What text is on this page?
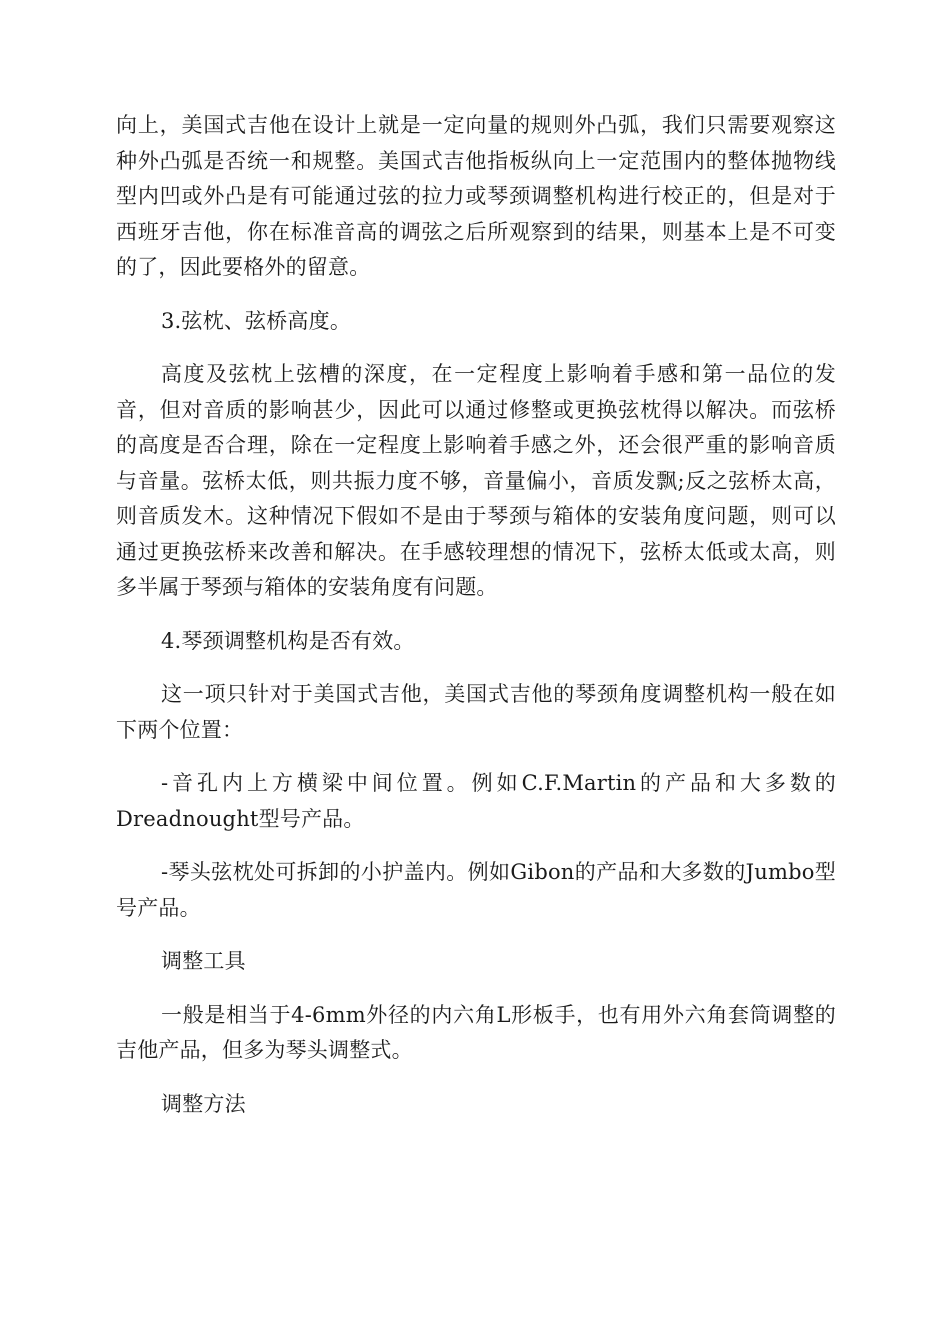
向上，美国式吉他在设计上就是一定向量的规则外凸弧，我们只需要观察这种外凸弧是否统一和规整。美国式吉他指板纵向上一定范围内的整体抛物线型内凹或外凸是有可能通过弦的拉力或琴颈调整机构进行校正的，但是对于西班牙吉他，你在标准音高的调弦之后所观察到的结果，则基本上是不可变的了，因此要格外的留意。

3.弦枕、弦桥高度。

高度及弦枕上弦槽的深度，在一定程度上影响着手感和第一品位的发音，但对音质的影响甚少，因此可以通过修整或更换弦枕得以解决。而弦桥的高度是否合理，除在一定程度上影响着手感之外，还会很严重的影响音质与音量。弦桥太低，则共振力度不够，音量偏小，音质发飘;反之弦桥太高，则音质发木。这种情况下假如不是由于琴颈与箱体的安装角度问题，则可以通过更换弦桥来改善和解决。在手感较理想的情况下，弦桥太低或太高，则多半属于琴颈与箱体的安装角度有问题。

4.琴颈调整机构是否有效。

这一项只针对于美国式吉他，美国式吉他的琴颈角度调整机构一般在如下两个位置：

-音孔内上方横梁中间位置。例如C.F.Martin的产品和大多数的Dreadnought型号产品。

-琴头弦枕处可拆卸的小护盖内。例如Gibon的产品和大多数的Jumbo型号产品。

调整工具

一般是相当于4-6mm外径的内六角L形板手，也有用外六角套筒调整的吉他产品，但多为琴头调整式。

调整方法
